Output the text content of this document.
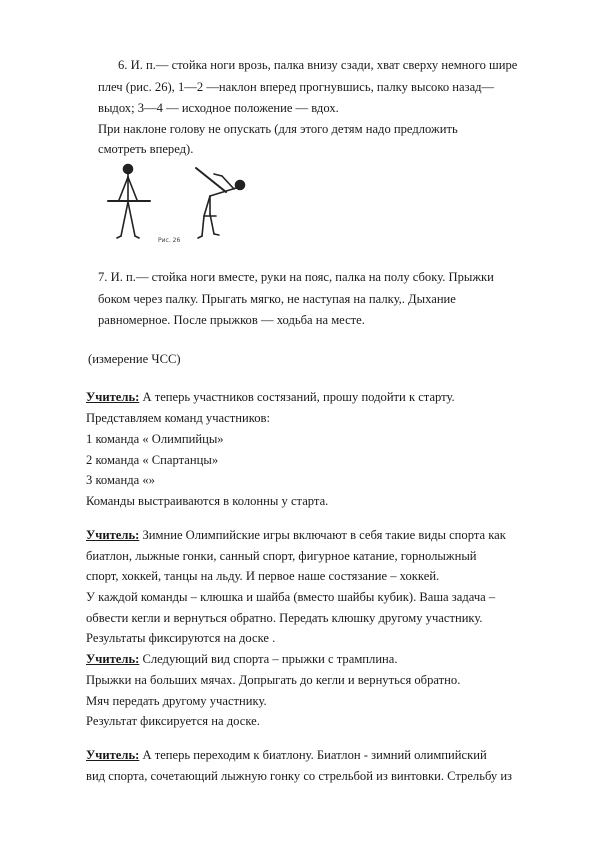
6. И. п.— стойка ноги врозь, палка внизу сзади, хват сверху немного шире
плеч (рис. 26), 1—2 —наклон вперед прогнувшись, палку высоко назад—
выдох; 3—4 — исходное положение — вдох.
При наклоне голову не опускать (для этого детям надо предложить
смотреть вперед).
Рис. 26
7. И. п.— стойка ноги вместе, руки на пояс, палка на полу сбоку. Прыжки
боком через палку. Прыгать мягко, не наступая на палку,. Дыхание
равномерное. После прыжков — ходьба на месте.
(измерение ЧСС)
Учитель: А теперь участников состязаний, прошу подойти к старту.
Представляем команд участников:
1 команда « Олимпийцы»
2 команда « Спартанцы»
3 команда «»
Команды выстраиваются в колонны у старта.
Учитель: Зимние Олимпийские игры включают в себя такие виды спорта как
биатлон, лыжные гонки, санный спорт, фигурное катание, горнолыжный
спорт, хоккей, танцы на льду. И первое наше состязание – хоккей.
У каждой команды – клюшка и шайба (вместо шайбы кубик). Ваша задача –
обвести кегли и вернуться обратно. Передать клюшку другому участнику.
Результаты фиксируются на доске .
Учитель: Следующий вид спорта – прыжки с трамплина.
Прыжки на больших мячах. Допрыгать до кегли и вернуться обратно.
Мяч передать другому участнику.
Результат фиксируется на доске.
Учитель: А теперь переходим к биатлону. Биатлон - зимний олимпийский
вид спорта, сочетающий лыжную гонку со стрельбой из винтовки. Стрельбу из
